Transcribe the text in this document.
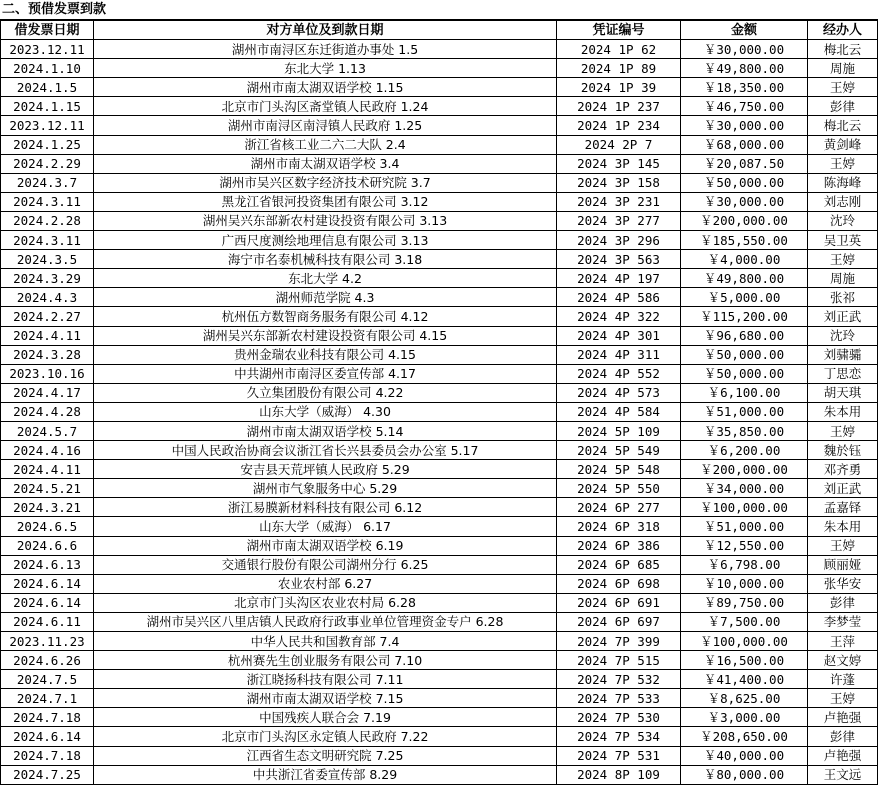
二、预借发票到款
借发票日期	对方单位及到款日期	凭证编号	金额	经办人
2023.12.11	湖州市南浔区东迁街道办事处 1.5	2024 1P 62	￥30,000.00	梅北云
2024.1.10	东北大学 1.13	2024 1P 89	￥49,800.00	周施
2024.1.5	湖州市南太湖双语学校 1.15	2024 1P 39	￥18,350.00	王婷
2024.1.15	北京市门头沟区斋堂镇人民政府 1.24	2024 1P 237	￥46,750.00	彭律
2023.12.11	湖州市南浔区南浔镇人民政府 1.25	2024 1P 234	￥30,000.00	梅北云
2024.1.25	浙江省核工业二六二大队 2.4	2024 2P 7	￥68,000.00	黄剑峰
2024.2.29	湖州市南太湖双语学校 3.4	2024 3P 145	￥20,087.50	王婷
2024.3.7	湖州市吴兴区数字经济技术研究院 3.7	2024 3P 158	￥50,000.00	陈海峰
2024.3.11	黑龙江省银河投资集团有限公司 3.12	2024 3P 231	￥30,000.00	刘志刚
2024.2.28	湖州吴兴东部新农村建设投资有限公司 3.13	2024 3P 277	￥200,000.00	沈玲
2024.3.11	广西尺度测绘地理信息有限公司 3.13	2024 3P 296	￥185,550.00	吴卫英
2024.3.5	海宁市名泰机械科技有限公司 3.18	2024 3P 563	￥4,000.00	王婷
2024.3.29	东北大学 4.2	2024 4P 197	￥49,800.00	周施
2024.4.3	湖州师范学院 4.3	2024 4P 586	￥5,000.00	张祁
2024.2.27	杭州伍方数智商务服务有限公司 4.12	2024 4P 322	￥115,200.00	刘正武
2024.4.11	湖州吴兴东部新农村建设投资有限公司 4.15	2024 4P 301	￥96,680.00	沈玲
2024.3.28	贵州金瑞农业科技有限公司 4.15	2024 4P 311	￥50,000.00	刘骕骦
2023.10.16	中共湖州市南浔区委宣传部 4.17	2024 4P 552	￥50,000.00	丁思恋
2024.4.17	久立集团股份有限公司 4.22	2024 4P 573	￥6,100.00	胡天琪
2024.4.28	山东大学（威海） 4.30	2024 4P 584	￥51,000.00	朱本用
2024.5.7	湖州市南太湖双语学校 5.14	2024 5P 109	￥35,850.00	王婷
2024.4.16	中国人民政治协商会议浙江省长兴县委员会办公室 5.17	2024 5P 549	￥6,200.00	魏於钰
2024.4.11	安吉县天荒坪镇人民政府 5.29	2024 5P 548	￥200,000.00	邓齐勇
2024.5.21	湖州市气象服务中心 5.29	2024 5P 550	￥34,000.00	刘正武
2024.3.21	浙江易膜新材料科技有限公司 6.12	2024 6P 277	￥100,000.00	孟嘉铎
2024.6.5	山东大学（威海） 6.17	2024 6P 318	￥51,000.00	朱本用
2024.6.6	湖州市南太湖双语学校 6.19	2024 6P 386	￥12,550.00	王婷
2024.6.13	交通银行股份有限公司湖州分行 6.25	2024 6P 685	￥6,798.00	顾丽娅
2024.6.14	农业农村部 6.27	2024 6P 698	￥10,000.00	张华安
2024.6.14	北京市门头沟区农业农村局 6.28	2024 6P 691	￥89,750.00	彭律
2024.6.11	湖州市吴兴区八里店镇人民政府行政事业单位管理资金专户 6.28	2024 6P 697	￥7,500.00	李梦莹
2023.11.23	中华人民共和国教育部 7.4	2024 7P 399	￥100,000.00	王萍
2024.6.26	杭州赛先生创业服务有限公司 7.10	2024 7P 515	￥16,500.00	赵文婷
2024.7.5	浙江晓扬科技有限公司 7.11	2024 7P 532	￥41,400.00	许蓬
2024.7.1	湖州市南太湖双语学校 7.15	2024 7P 533	￥8,625.00	王婷
2024.7.18	中国残疾人联合会 7.19	2024 7P 530	￥3,000.00	卢艳强
2024.6.14	北京市门头沟区永定镇人民政府 7.22	2024 7P 534	￥208,650.00	彭律
2024.7.18	江西省生态文明研究院 7.25	2024 7P 531	￥40,000.00	卢艳强
2024.7.25	中共浙江省委宣传部 8.29	2024 8P 109	￥80,000.00	王文远
